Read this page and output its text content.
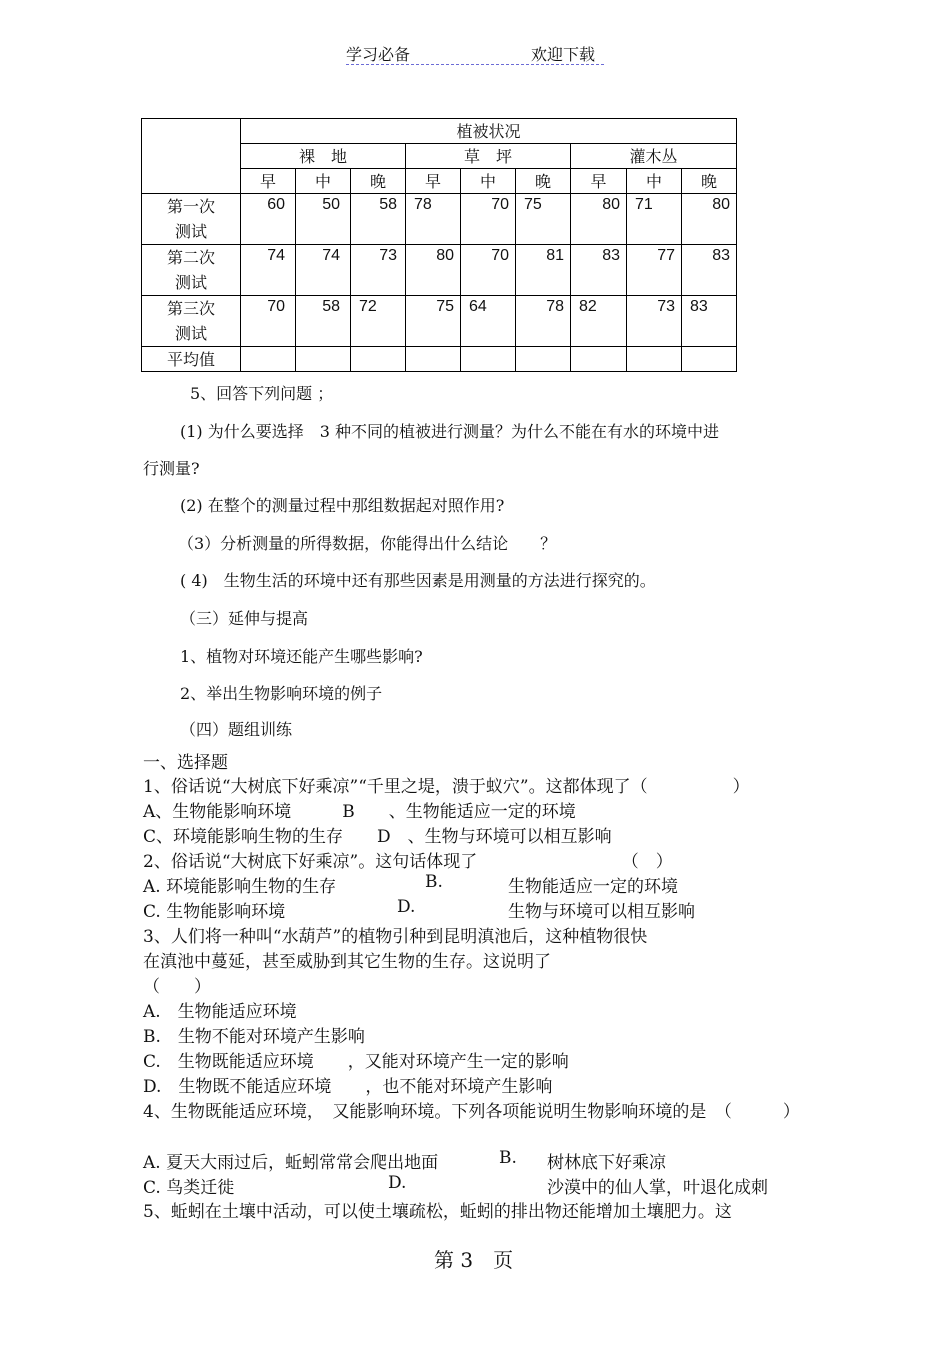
学习必备	欢迎下载
	植被状况								
	裸　地			草　坪			灌木丛		
	早	中	晚	早	中	晚	早	中	晚

第一次
测试	60	50	58	78	70	75	80	71	80

第二次
测试	74	74	73	80	70	81	83	77	83

第三次
测试	70	58	72	75	64	78	82	73	83

平均值									
5、回答下列问题 ；
(1) 为什么要选择　3 种不同的植被进行测量？为什么不能在有水的环境中进
行测量?
(2) 在整个的测量过程中那组数据起对照作用?
（3）分析测量的所得数据，你能得出什么结论　　？
( 4)　生物生活的环境中还有那些因素是用测量的方法进行探究的。
（三）延伸与提高
1、植物对环境还能产生哪些影响?
2、举出生物影响环境的例子
（四）题组训练
一、选择题
1、俗话说“大树底下好乘凉”“千里之堤，溃于蚁穴”。这都体现了（　　　　　）
A、生物能影响环境　　　B　　、生物能适应一定的环境
C、环境能影响生物的生存　　D　、生物与环境可以相互影响
2、俗话说“大树底下好乘凉”。这句话体现了　　　　　　　　　（　）
A. 环境能影响生物的生存	B.	生物能适应一定的环境
C. 生物能影响环境	D.	生物与环境可以相互影响
3、人们将一种叫“水葫芦”的植物引种到昆明滇池后，这种植物很快
在滇池中蔓延，甚至威胁到其它生物的生存。这说明了
（　　）
A.　生物能适应环境
B.　生物不能对环境产生影响
C.　生物既能适应环境　　，又能对环境产生一定的影响
D.　生物既不能适应环境　　，也不能对环境产生影响
4、生物既能适应环境，　又能影响环境。下列各项能说明生物影响环境的是　（　　　）
A. 夏天大雨过后，蚯蚓常常会爬出地面	B. 树林底下好乘凉
C. 鸟类迁徙	D.	沙漠中的仙人掌，叶退化成刺
5、蚯蚓在土壤中活动，可以使土壤疏松，蚯蚓的排出物还能增加土壤肥力。这
第 3　页
